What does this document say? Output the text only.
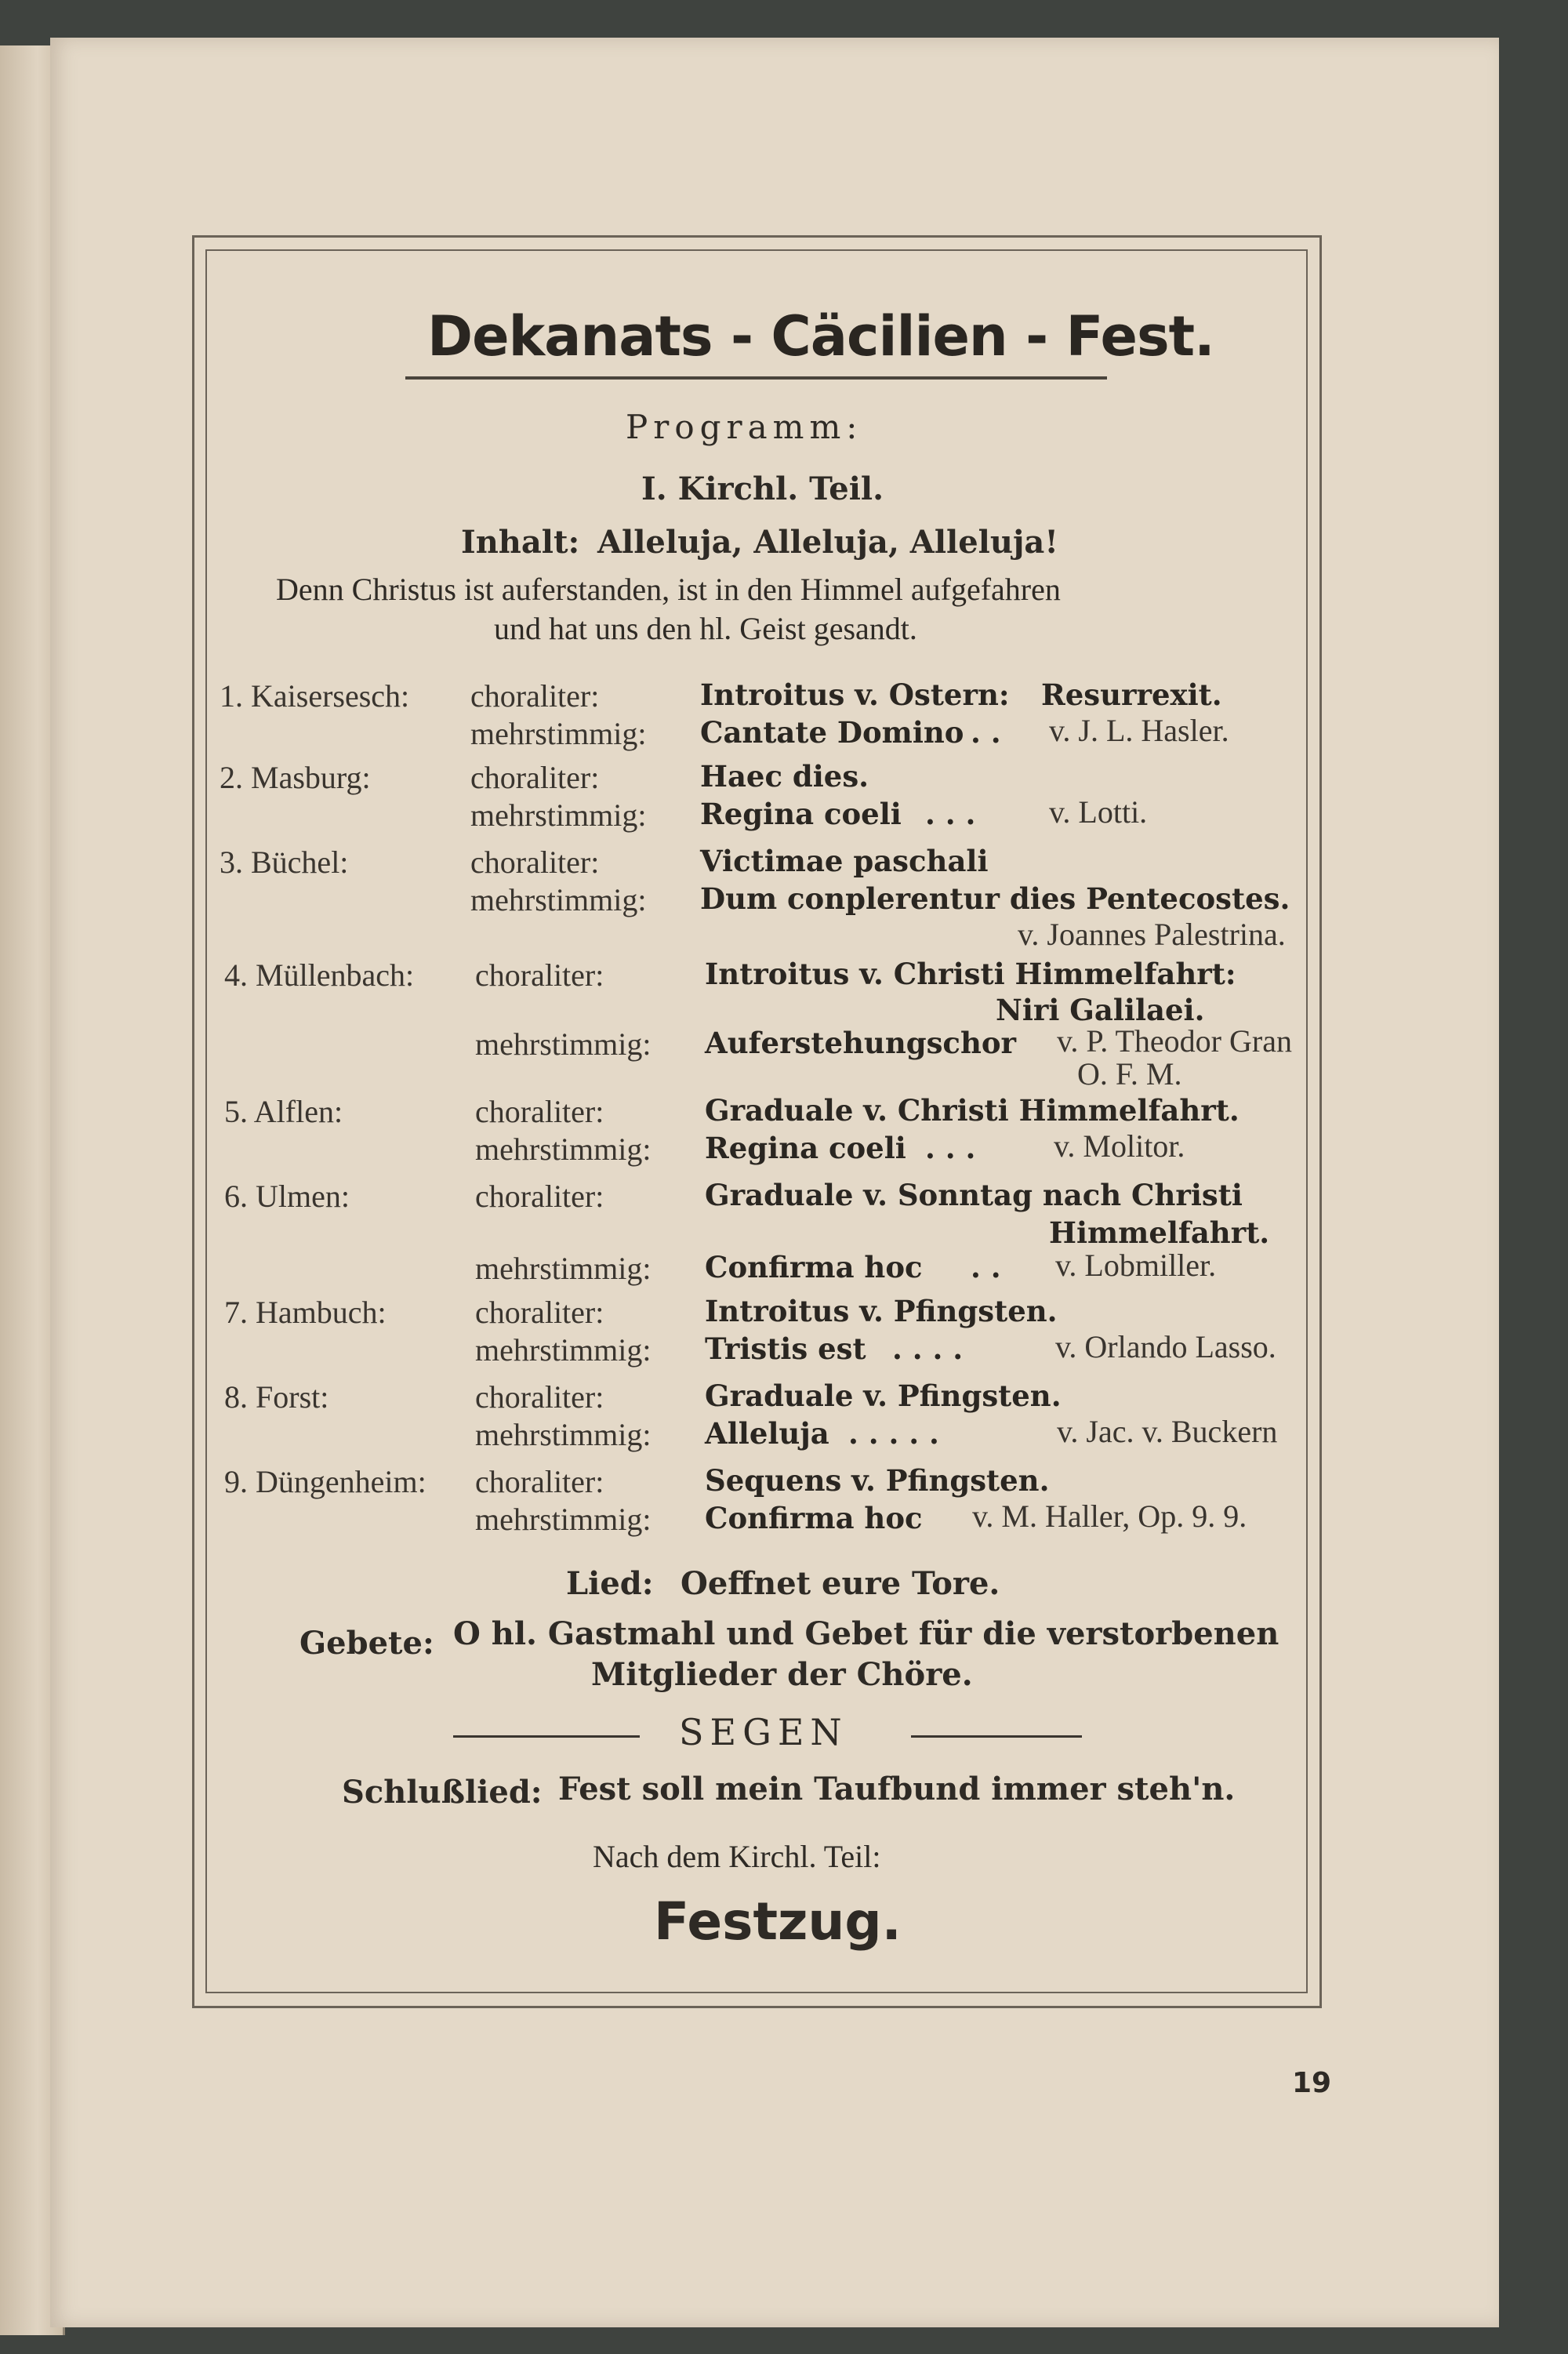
Dekanats - Cäcilien - Fest.
Programm:
I. Kirchl. Teil.
Inhalt: Alleluja, Alleluja, Alleluja!
Denn Christus ist auferstanden, ist in den Himmel aufgefahren
und hat uns den hl. Geist gesandt.
1. Kaisersesch: choraliter:	Introitus v. Ostern: Resurrexit.
mehrstimmig: Cantate Domino . . v. J. L. Hasler.
2. Masburg:	choraliter:	Haec dies.
mehrstimmig: Regina coeli . . . v. Lotti.
3. Büchel:	choraliter:	Victimae paschali
mehrstimmig: Dum conplerentur dies Pentecostes.
v. Joannes Palestrina.
4. Müllenbach: choraliter:	Introitus v. Christi Himmelfahrt:
Niri Galilaei.
mehrstimmig: Auferstehungschor v. P. Theodor Gran
O. F. M.
5. Alflen:	choraliter:	Graduale v. Christi Himmelfahrt.
mehrstimmig: Regina coeli . . . v. Molitor.
6. Ulmen:	choraliter:	Graduale v. Sonntag nach Christi
Himmelfahrt.
mehrstimmig: Confirma hoc . . v. Lobmiller.
7. Hambuch:	choraliter:	Introitus v. Pfingsten.
mehrstimmig: Tristis est . . . .	v. Orlando Lasso.
8. Forst:	choraliter:	Graduale v. Pfingsten.
mehrstimmig: Alleluja . . . . .	v. Jac. v. Buckern
9. Düngenheim: choraliter:	Sequens v. Pfingsten.
mehrstimmig: Confirma hoc v. M. Haller, Op. 9. 9.
Lied: Oeffnet eure Tore.
Gebete: O hl. Gastmahl und Gebet für die verstorbenen
Mitglieder der Chöre.
SEGEN
Schlußlied: Fest soll mein Taufbund immer steh'n.
Nach dem Kirchl. Teil:
Festzug.
19
